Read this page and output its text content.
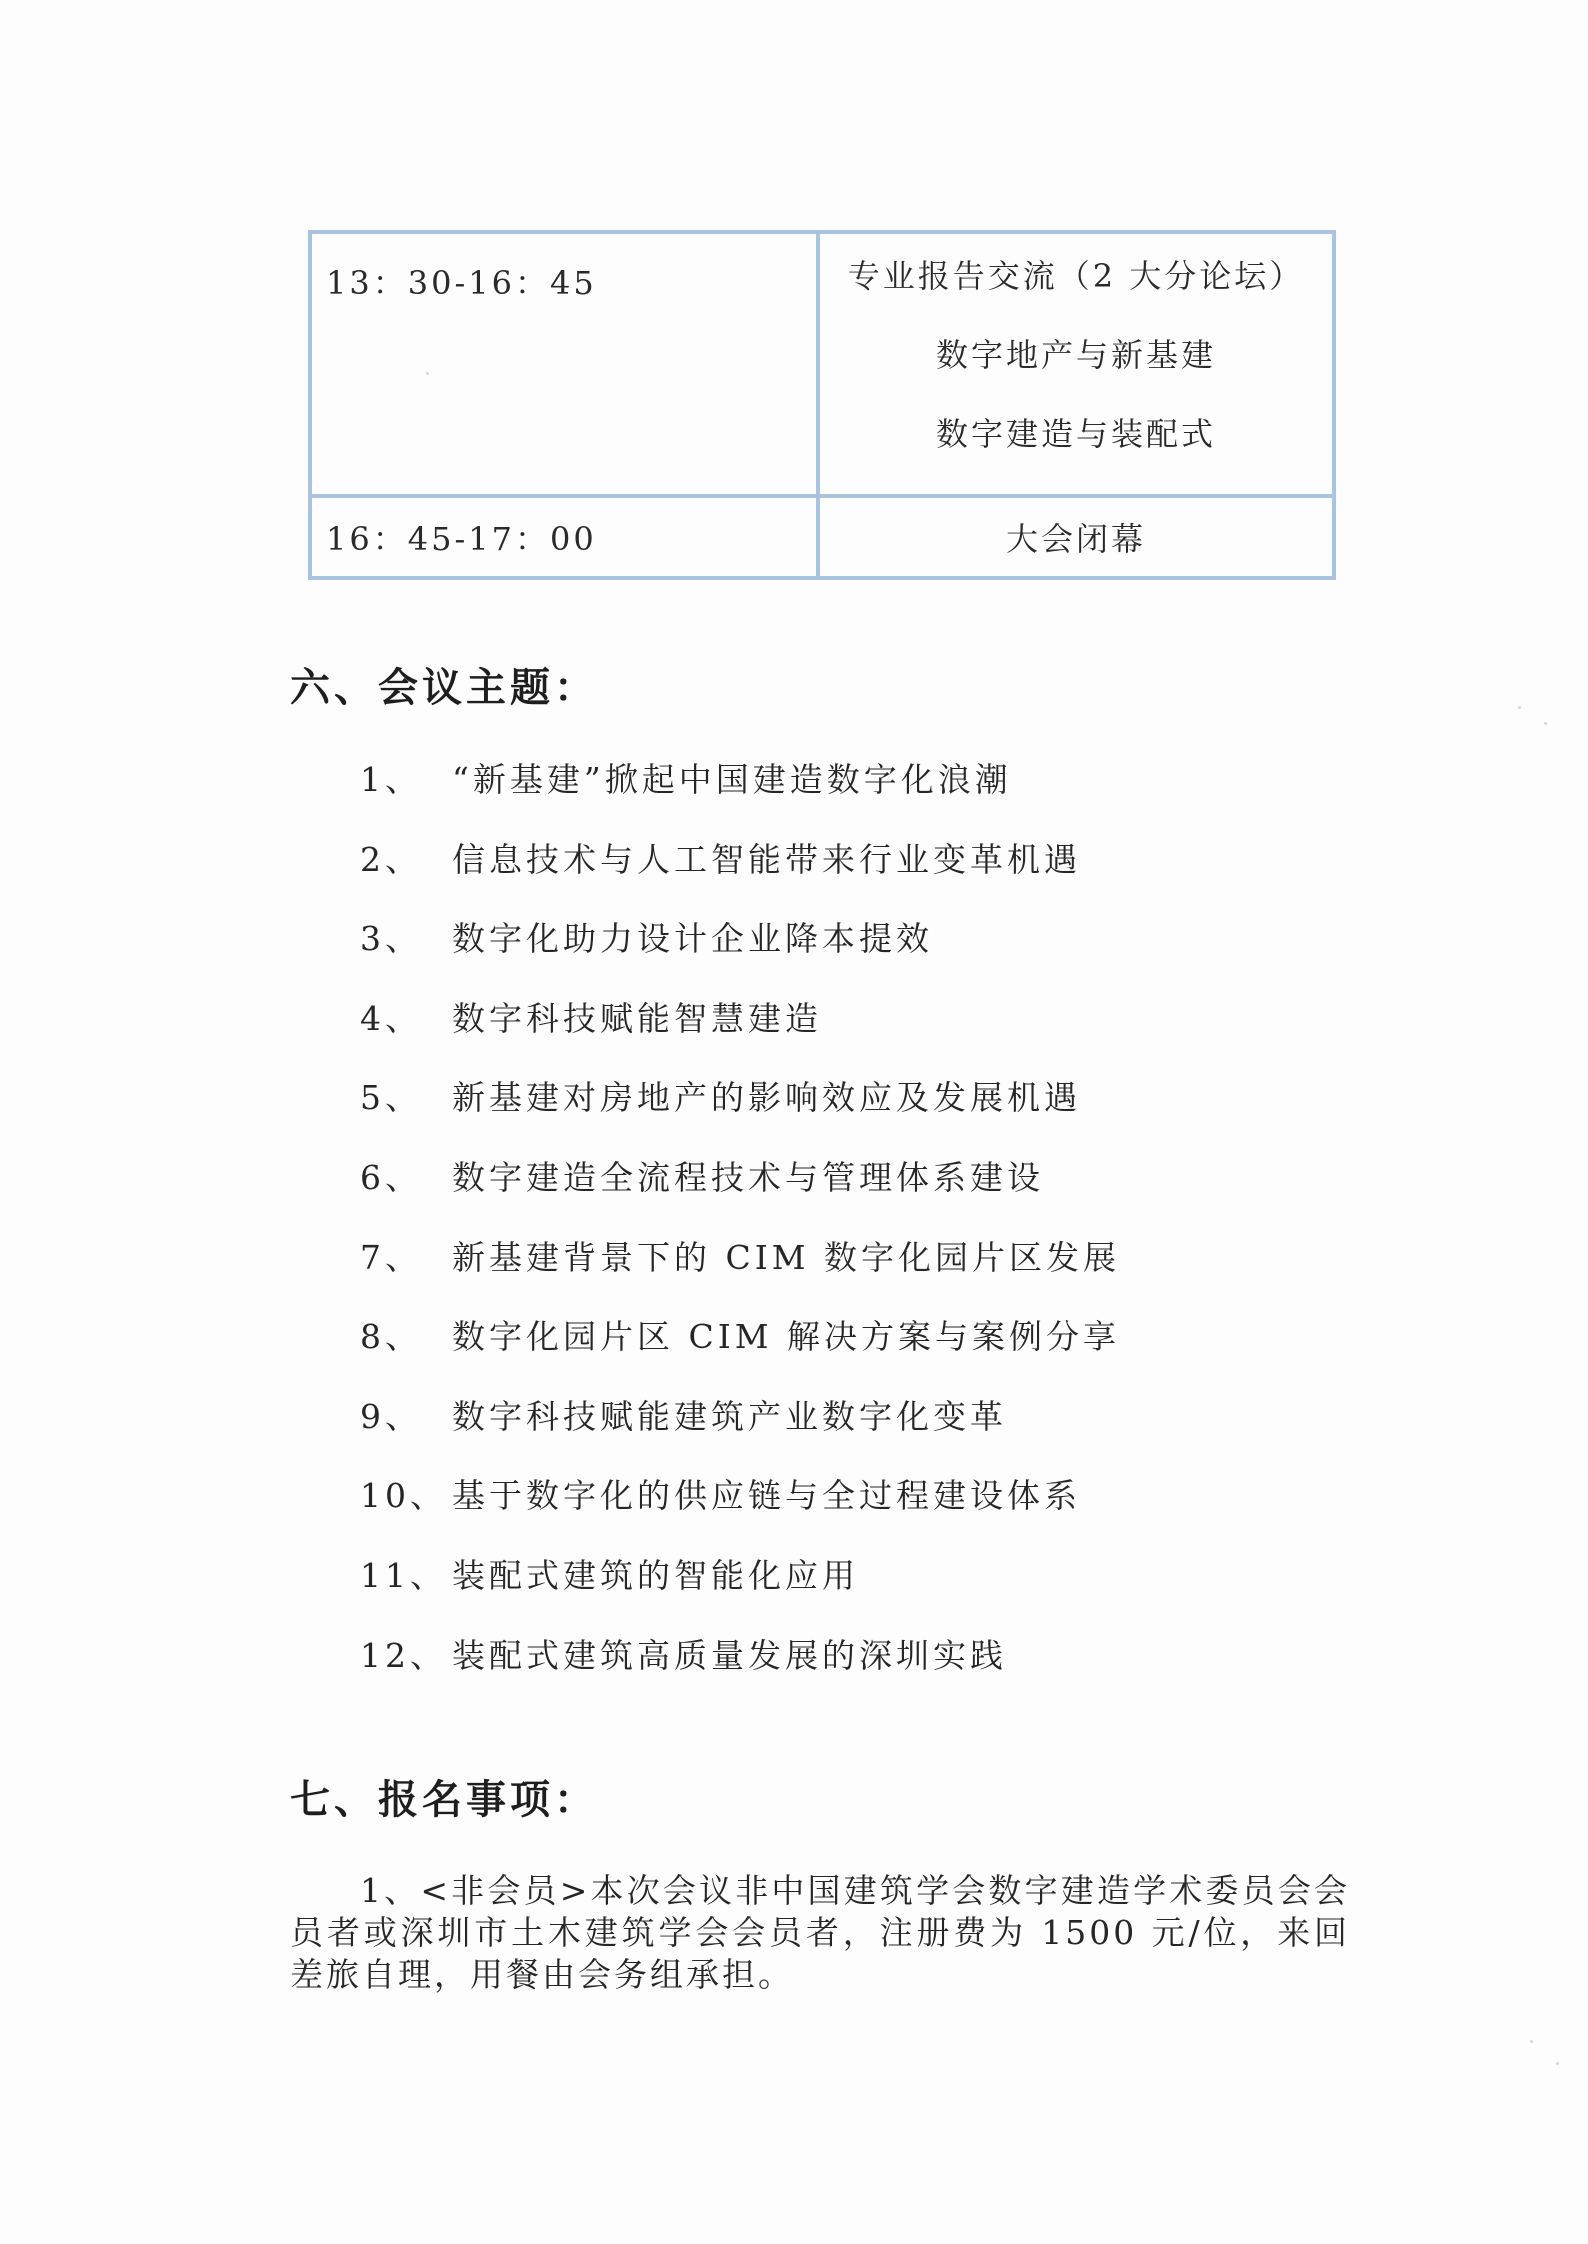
13：30-16：45	专业报告交流（2 大分论坛）
数字地产与新基建
数字建造与装配式

16：45-17：00	大会闭幕
六、会议主题：
1、 “新基建”掀起中国建造数字化浪潮
2、 信息技术与人工智能带来行业变革机遇
3、 数字化助力设计企业降本提效
4、 数字科技赋能智慧建造
5、 新基建对房地产的影响效应及发展机遇
6、 数字建造全流程技术与管理体系建设
7、 新基建背景下的 CIM 数字化园片区发展
8、 数字化园片区 CIM 解决方案与案例分享
9、 数字科技赋能建筑产业数字化变革
10、 基于数字化的供应链与全过程建设体系
11、 装配式建筑的智能化应用
12、 装配式建筑高质量发展的深圳实践
七、报名事项：

1、<非会员>本次会议非中国建筑学会数字建造学术委员会会员者或深圳市土木建筑学会会员者，注册费为 1500 元/位，来回差旅自理，用餐由会务组承担。
